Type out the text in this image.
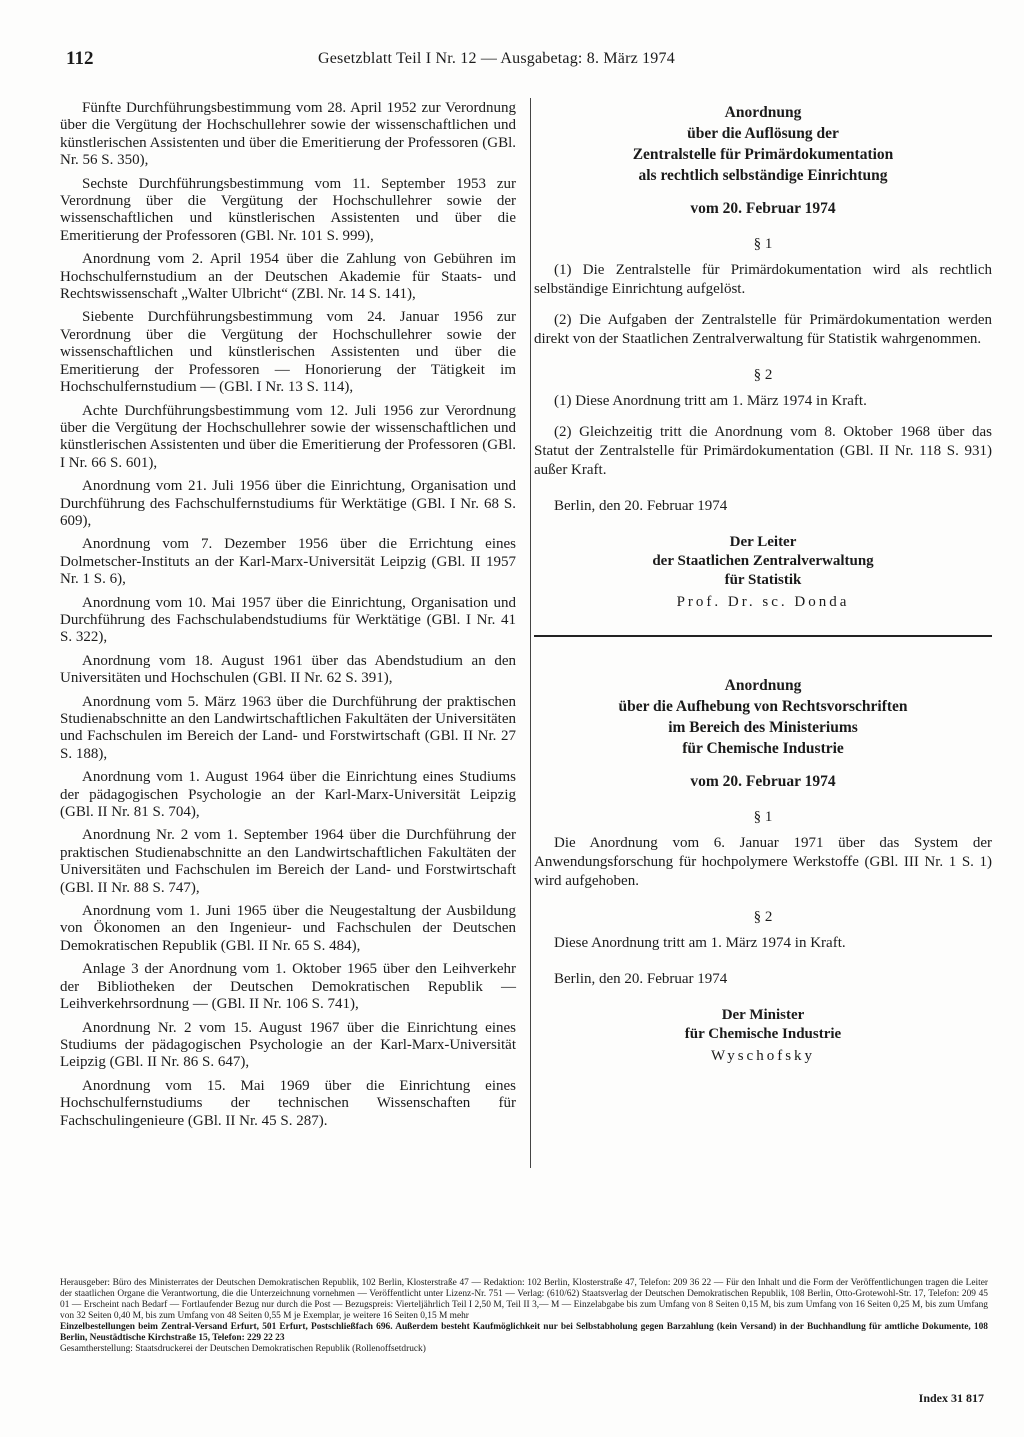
112	Gesetzblatt Teil I Nr. 12 — Ausgabetag: 8. März 1974

Fünfte Durchführungsbestimmung vom 28. April 1952 zur Verordnung über die Vergütung der Hochschullehrer sowie der wissenschaftlichen und künstlerischen Assistenten und über die Emeritierung der Professoren (GBl. Nr. 56 S. 350),

Sechste Durchführungsbestimmung vom 11. September 1953 zur Verordnung über die Vergütung der Hochschullehrer sowie der wissenschaftlichen und künstlerischen Assistenten und über die Emeritierung der Professoren (GBl. Nr. 101 S. 999),

Anordnung vom 2. April 1954 über die Zahlung von Gebühren im Hochschulfernstudium an der Deutschen Akademie für Staats- und Rechtswissenschaft „Walter Ulbricht“ (ZBl. Nr. 14 S. 141),

Siebente Durchführungsbestimmung vom 24. Januar 1956 zur Verordnung über die Vergütung der Hochschullehrer sowie der wissenschaftlichen und künstlerischen Assistenten und über die Emeritierung der Professoren — Honorierung der Tätigkeit im Hochschulfernstudium — (GBl. I Nr. 13 S. 114),

Achte Durchführungsbestimmung vom 12. Juli 1956 zur Verordnung über die Vergütung der Hochschullehrer sowie der wissenschaftlichen und künstlerischen Assistenten und über die Emeritierung der Professoren (GBl. I Nr. 66 S. 601),

Anordnung vom 21. Juli 1956 über die Einrichtung, Organisation und Durchführung des Fachschulfernstudiums für Werktätige (GBl. I Nr. 68 S. 609),

Anordnung vom 7. Dezember 1956 über die Errichtung eines Dolmetscher-Instituts an der Karl-Marx-Universität Leipzig (GBl. II 1957 Nr. 1 S. 6),

Anordnung vom 10. Mai 1957 über die Einrichtung, Organisation und Durchführung des Fachschulabendstudiums für Werktätige (GBl. I Nr. 41 S. 322),

Anordnung vom 18. August 1961 über das Abendstudium an den Universitäten und Hochschulen (GBl. II Nr. 62 S. 391),

Anordnung vom 5. März 1963 über die Durchführung der praktischen Studienabschnitte an den Landwirtschaftlichen Fakultäten der Universitäten und Fachschulen im Bereich der Land- und Forstwirtschaft (GBl. II Nr. 27 S. 188),

Anordnung vom 1. August 1964 über die Einrichtung eines Studiums der pädagogischen Psychologie an der Karl-Marx-Universität Leipzig (GBl. II Nr. 81 S. 704),

Anordnung Nr. 2 vom 1. September 1964 über die Durchführung der praktischen Studienabschnitte an den Landwirtschaftlichen Fakultäten der Universitäten und Fachschulen im Bereich der Land- und Forstwirtschaft (GBl. II Nr. 88 S. 747),

Anordnung vom 1. Juni 1965 über die Neugestaltung der Ausbildung von Ökonomen an den Ingenieur- und Fachschulen der Deutschen Demokratischen Republik (GBl. II Nr. 65 S. 484),

Anlage 3 der Anordnung vom 1. Oktober 1965 über den Leihverkehr der Bibliotheken der Deutschen Demokratischen Republik — Leihverkehrsordnung — (GBl. II Nr. 106 S. 741),

Anordnung Nr. 2 vom 15. August 1967 über die Einrichtung eines Studiums der pädagogischen Psychologie an der Karl-Marx-Universität Leipzig (GBl. II Nr. 86 S. 647),

Anordnung vom 15. Mai 1969 über die Einrichtung eines Hochschulfernstudiums der technischen Wissenschaften für Fachschulingenieure (GBl. II Nr. 45 S. 287).

Anordnung

über die Auflösung der

Zentralstelle für Primärdokumentation

als rechtlich selbständige Einrichtung

vom 20. Februar 1974

§ 1

(1) Die Zentralstelle für Primärdokumentation wird als rechtlich selbständige Einrichtung aufgelöst.

(2) Die Aufgaben der Zentralstelle für Primärdokumentation werden direkt von der Staatlichen Zentralverwaltung für Statistik wahrgenommen.

§ 2

(1) Diese Anordnung tritt am 1. März 1974 in Kraft.

(2) Gleichzeitig tritt die Anordnung vom 8. Oktober 1968 über das Statut der Zentralstelle für Primärdokumentation (GBl. II Nr. 118 S. 931) außer Kraft.

Berlin, den 20. Februar 1974

Der Leiter

der Staatlichen Zentralverwaltung

für Statistik

Prof. Dr. sc. Donda

Anordnung

über die Aufhebung von Rechtsvorschriften

im Bereich des Ministeriums

für Chemische Industrie

vom 20. Februar 1974

§ 1

Die Anordnung vom 6. Januar 1971 über das System der Anwendungsforschung für hochpolymere Werkstoffe (GBl. III Nr. 1 S. 1) wird aufgehoben.

§ 2

Diese Anordnung tritt am 1. März 1974 in Kraft.

Berlin, den 20. Februar 1974

Der Minister

für Chemische Industrie

Wyschofsky

Herausgeber: Büro des Ministerrates der Deutschen Demokratischen Republik, 102 Berlin, Klosterstraße 47 — Redaktion: 102 Berlin, Klosterstraße 47, Telefon: 209 36 22 — Für den Inhalt und die Form der Veröffentlichungen tragen die Leiter der staatlichen Organe die Verantwortung, die die Unterzeichnung vornehmen — Veröffentlicht unter Lizenz-Nr. 751 — Verlag: (610/62) Staatsverlag der Deutschen Demokratischen Republik, 108 Berlin, Otto-Grotewohl-Str. 17, Telefon: 209 45 01 — Erscheint nach Bedarf — Fortlaufender Bezug nur durch die Post — Bezugspreis: Vierteljährlich Teil I 2,50 M, Teil II 3,— M — Einzelabgabe bis zum Umfang von 8 Seiten 0,15 M, bis zum Umfang von 16 Seiten 0,25 M, bis zum Umfang von 32 Seiten 0,40 M, bis zum Umfang von 48 Seiten 0,55 M je Exemplar, je weitere 16 Seiten 0,15 M mehr

Einzelbestellungen beim Zentral-Versand Erfurt, 501 Erfurt, Postschließfach 696. Außerdem besteht Kaufmöglichkeit nur bei Selbstabholung gegen Barzahlung (kein Versand) in der Buchhandlung für amtliche Dokumente, 108 Berlin, Neustädtische Kirchstraße 15, Telefon: 229 22 23

Gesamtherstellung: Staatsdruckerei der Deutschen Demokratischen Republik (Rollenoffsetdruck)

Index 31 817
